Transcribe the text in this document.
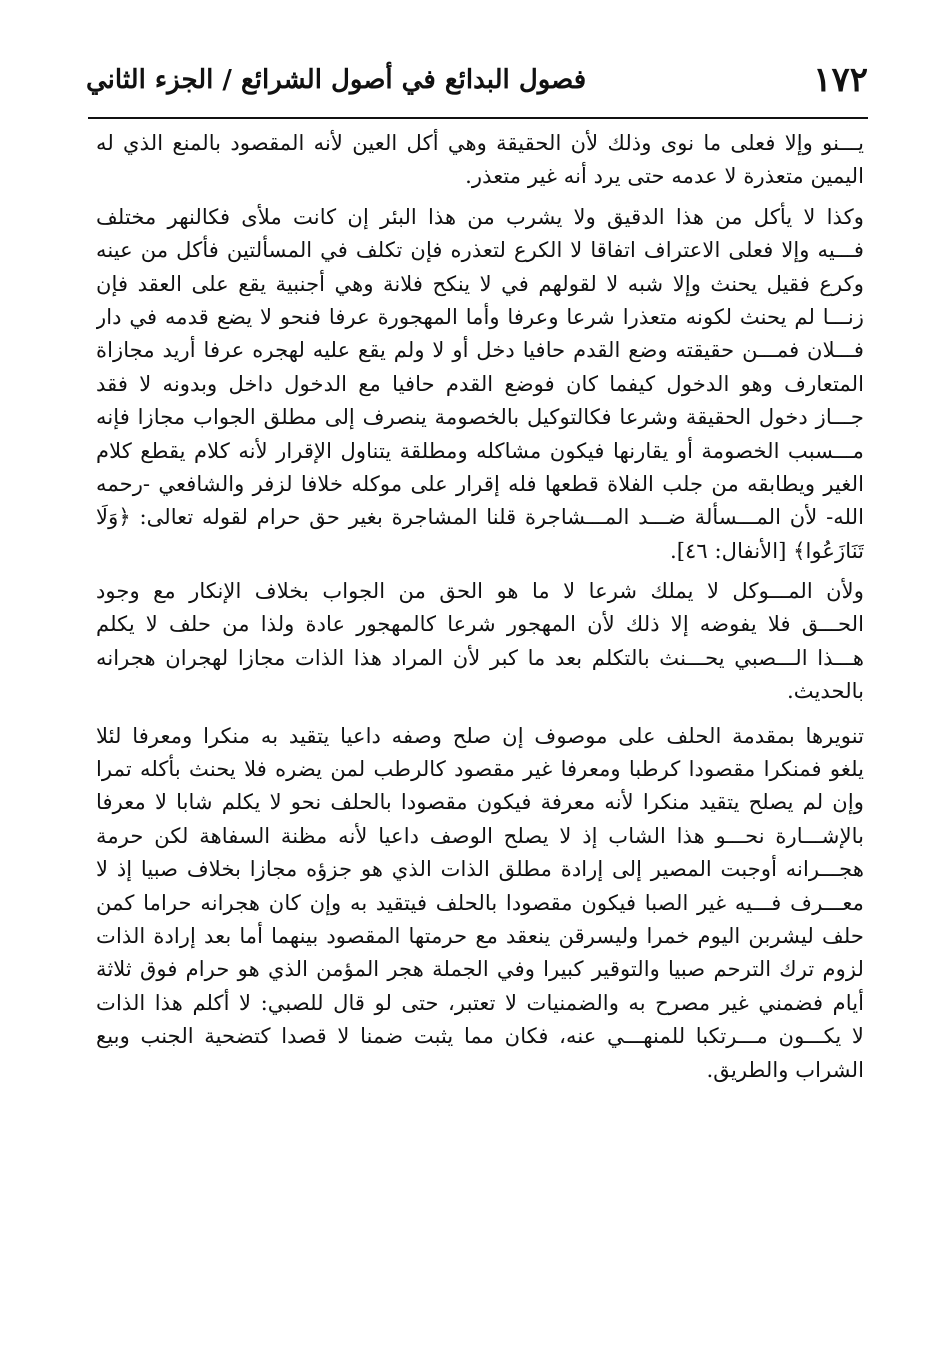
١٧٢
فصول البدائع في أصول الشرائع / الجزء الثاني
يـــنو وإلا فعلى ما نوى وذلك لأن الحقيقة وهي أكل العين لأنه المقصود بالمنع الذي له
اليمين متعذرة لا عدمه حتى يرد أنه غير متعذر.
وكذا لا يأكل من هذا الدقيق ولا يشرب من هذا البئر إن كانت ملأى فكالنهر مختلف
فـــيه وإلا فعلى الاعتراف اتفاقا لا الكرع لتعذره فإن تكلف في المسألتين فأكل من عينه
وكرع فقيل يحنث وإلا شبه لا لقولهم في لا ينكح فلانة وهي أجنبية يقع على العقد فإن
زنـــا لم يحنث لكونه متعذرا شرعا وعرفا وأما المهجورة عرفا فنحو لا يضع قدمه في دار
فـــلان فمـــن حقيقته وضع القدم حافيا دخل أو لا ولم يقع عليه لهجره عرفا أريد مجازاة
المتعارف وهو الدخول كيفما كان فوضع القدم حافيا مع الدخول داخل وبدونه لا فقد
جـــاز دخول الحقيقة وشرعا فكالتوكيل بالخصومة ينصرف إلى مطلق الجواب مجازا فإنه
مـــسبب الخصومة أو يقارنها فيكون مشاكله ومطلقة يتناول الإقرار لأنه كلام يقطع كلام
الغير ويطابقه من جلب الفلاة قطعها فله إقرار على موكله خلافا لزفر والشافعي -رحمه
الله- لأن المـــسألة ضـــد المـــشاجرة قلنا المشاجرة بغير حق حرام لقوله تعالى: ﴿وَلَا
تَنَازَعُوا﴾ [الأنفال: ٤٦].
ولأن المـــوكل لا يملك شرعا لا ما هو الحق من الجواب بخلاف الإنكار مع وجود
الحـــق فلا يفوضه إلا ذلك لأن المهجور شرعا كالمهجور عادة ولذا من حلف لا يكلم
هـــذا الـــصبي يحـــنث بالتكلم بعد ما كبر لأن المراد هذا الذات مجازا لهجران هجرانه
بالحديث.
تنويرها بمقدمة الحلف على موصوف إن صلح وصفه داعيا يتقيد به منكرا ومعرفا لئلا
يلغو فمنكرا مقصودا كرطبا ومعرفا غير مقصود كالرطب لمن يضره فلا يحنث بأكله تمرا
وإن لم يصلح يتقيد منكرا لأنه معرفة فيكون مقصودا بالحلف نحو لا يكلم شابا لا معرفا
بالإشـــارة نحـــو هذا الشاب إذ لا يصلح الوصف داعيا لأنه مظنة السفاهة لكن حرمة
هجـــرانه أوجبت المصير إلى إرادة مطلق الذات الذي هو جزؤه مجازا بخلاف صبيا إذ لا
معـــرف فـــيه غير الصبا فيكون مقصودا بالحلف فيتقيد به وإن كان هجرانه حراما كمن
حلف ليشربن اليوم خمرا وليسرقن ينعقد مع حرمتها المقصود بينهما أما بعد إرادة الذات
لزوم ترك الترحم صبيا والتوقير كبيرا وفي الجملة هجر المؤمن الذي هو حرام فوق ثلاثة
أيام فضمني غير مصرح به والضمنيات لا تعتبر، حتى لو قال للصبي: لا أكلم هذا الذات
لا يكـــون مـــرتكبا للمنهـــي عنه، فكان مما يثبت ضمنا لا قصدا كتضحية الجنب وبيع
الشراب والطريق.
